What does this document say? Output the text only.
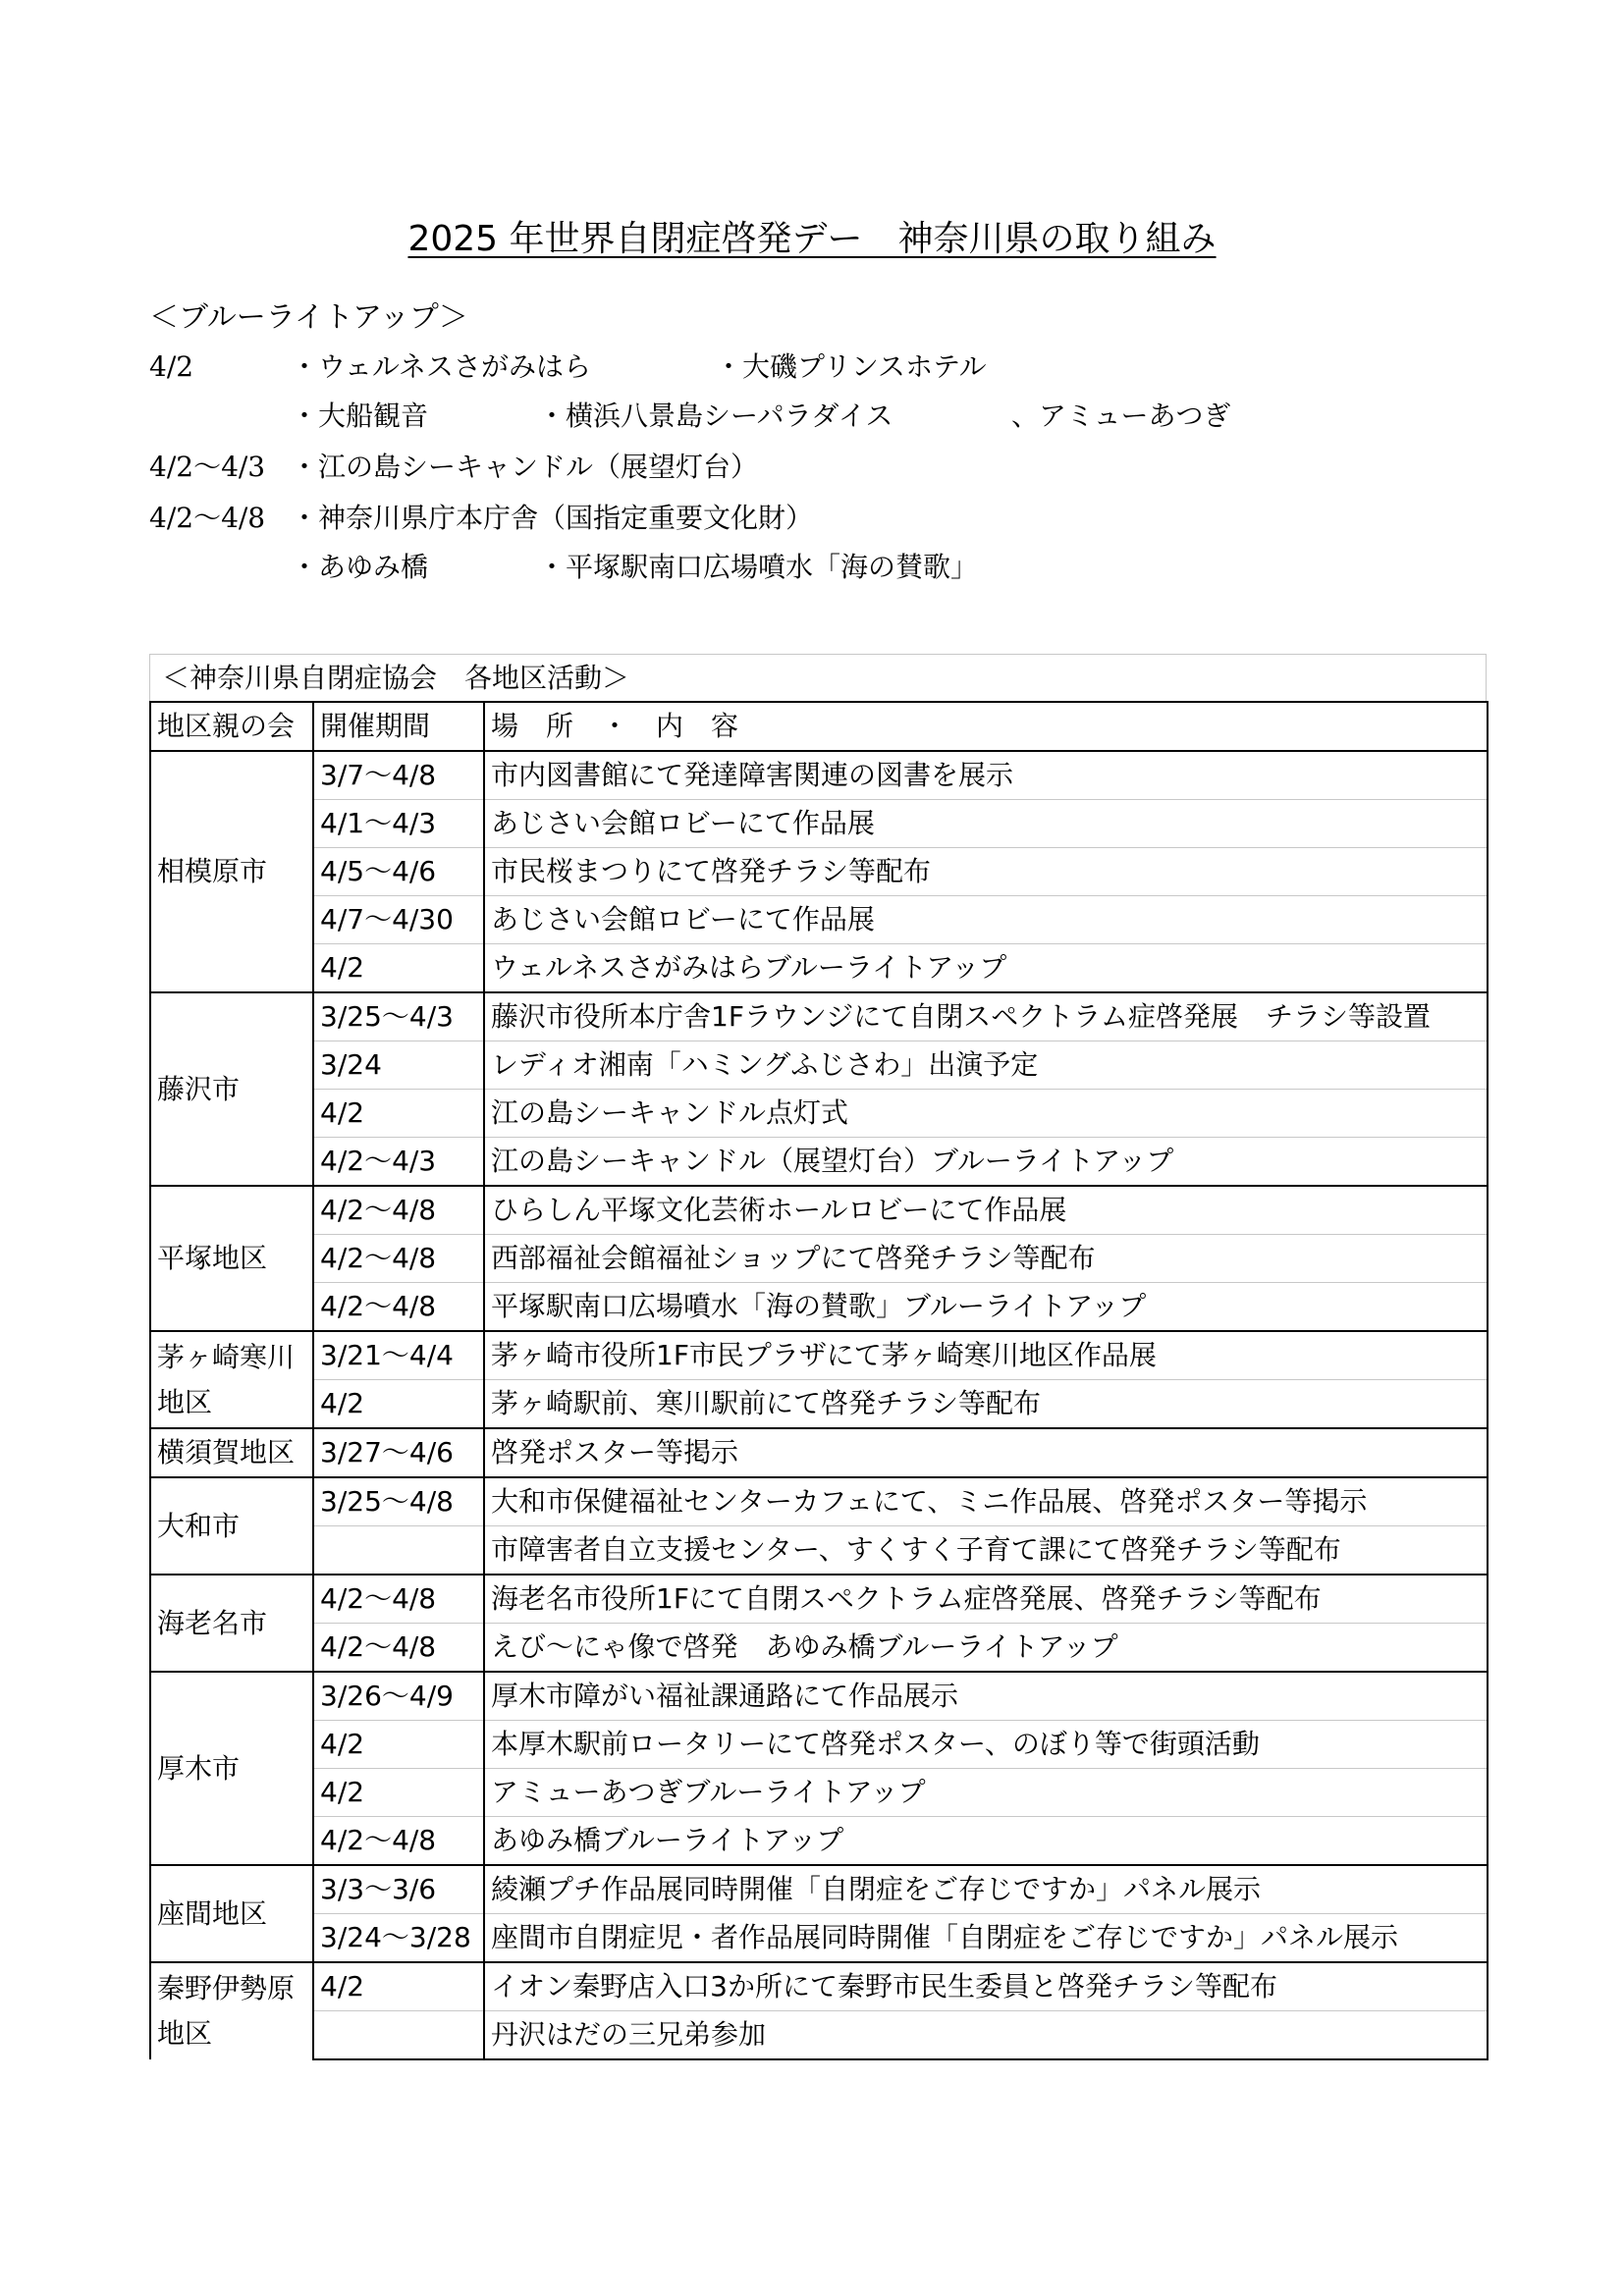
2025 年世界自閉症啓発デー　神奈川県の取り組み
＜ブルーライトアップ＞
4/2	・ウェルネスさがみはら	・大磯プリンスホテル
・大船観音	・横浜八景島シーパラダイス	、アミューあつぎ
4/2～4/3 ・江の島シーキャンドル（展望灯台）
4/2～4/8 ・神奈川県庁本庁舎（国指定重要文化財）
・あゆみ橋	・平塚駅南口広場噴水「海の賛歌」
＜神奈川県自閉症協会　各地区活動＞
地区親の会	開催期間	場　所　・　内　容
相模原市	3/7～4/8	市内図書館にて発達障害関連の図書を展示
	4/1～4/3	あじさい会館ロビーにて作品展
	4/5～4/6	市民桜まつりにて啓発チラシ等配布
	4/7～4/30	あじさい会館ロビーにて作品展
	4/2	ウェルネスさがみはらブルーライトアップ
藤沢市	3/25～4/3	藤沢市役所本庁舎1Fラウンジにて自閉スペクトラム症啓発展　チラシ等設置
	3/24	レディオ湘南「ハミングふじさわ」出演予定
	4/2	江の島シーキャンドル点灯式
	4/2～4/3	江の島シーキャンドル（展望灯台）ブルーライトアップ
平塚地区	4/2～4/8	ひらしん平塚文化芸術ホールロビーにて作品展
	4/2～4/8	西部福祉会館福祉ショップにて啓発チラシ等配布
	4/2～4/8	平塚駅南口広場噴水「海の賛歌」ブルーライトアップ
茅ヶ崎寒川地区	3/21～4/4	茅ヶ崎市役所1F市民プラザにて茅ヶ崎寒川地区作品展
	4/2	茅ヶ崎駅前、寒川駅前にて啓発チラシ等配布
横須賀地区	3/27～4/6	啓発ポスター等掲示
大和市	3/25～4/8	大和市保健福祉センターカフェにて、ミニ作品展、啓発ポスター等掲示
		市障害者自立支援センター、すくすく子育て課にて啓発チラシ等配布
海老名市	4/2～4/8	海老名市役所1Fにて自閉スペクトラム症啓発展、啓発チラシ等配布
	4/2～4/8	えび～にゃ像で啓発　あゆみ橋ブルーライトアップ
厚木市	3/26～4/9	厚木市障がい福祉課通路にて作品展示
	4/2	本厚木駅前ロータリーにて啓発ポスター、のぼり等で街頭活動
	4/2	アミューあつぎブルーライトアップ
	4/2～4/8	あゆみ橋ブルーライトアップ
座間地区	3/3～3/6	綾瀬プチ作品展同時開催「自閉症をご存じですか」パネル展示
	3/24～3/28	座間市自閉症児・者作品展同時開催「自閉症をご存じですか」パネル展示
秦野伊勢原地区	4/2	イオン秦野店入口3か所にて秦野市民生委員と啓発チラシ等配布
		丹沢はだの三兄弟参加
